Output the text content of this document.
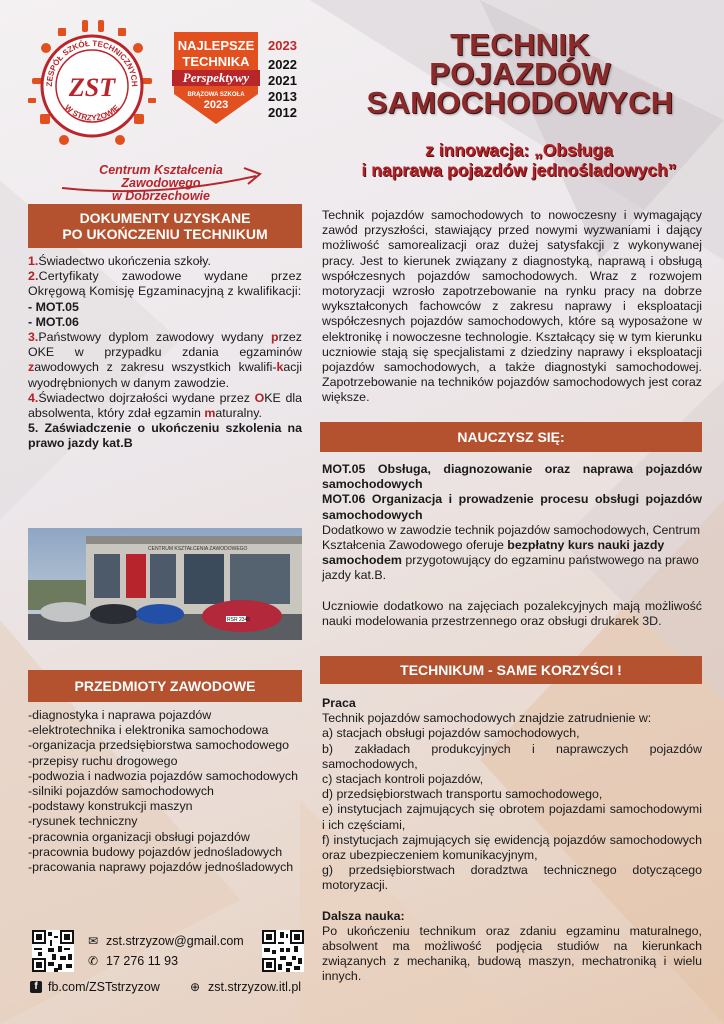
ZESPÓŁ SZKÓŁ TECHNICZNYCH
W STRZYŻOWIE
ZST
NAJLEPSZE
TECHNIKA
Perspektywy
BRĄZOWA SZKOŁA
2023
2023
2022
2021
2013
2012
Centrum Kształcenia Zawodowego
w Dobrzechowie
TECHNIK
POJAZDÓW
SAMOCHODOWYCH
z innowacja: „Obsługa
i naprawa pojazdów jednośladowych”
DOKUMENTY UZYSKANE
PO UKOŃCZENIU TECHNIKUM

1.Świadectwo ukończenia szkoły.

2.Certyfikaty zawodowe wydane przez Okręgową Komisję Egzaminacyjną z kwalifikacji:

- MOT.05

- MOT.06

3.Państwowy dyplom zawodowy wydany przez OKE w przypadku zdania egzaminów zawodowych z zakresu wszystkich kwalifi-kacji wyodrębnionych w danym zawodzie.

4.Świadectwo dojrzałości wydane przez OKE dla absolwenta, który zdał egzamin maturalny.

5. Zaświadczenie o ukończeniu szkolenia na prawo jazdy kat.B

CENTRUM KSZTAŁCENIA ZAWODOWEGO
RSR 2345
PRZEDMIOTY ZAWODOWE

-diagnostyka i naprawa pojazdów

-elektrotechnika i elektronika samochodowa

-organizacja przedsiębiorstwa samochodowego

-przepisy ruchu drogowego

-podwozia i nadwozia pojazdów samochodowych

-silniki pojazdów samochodowych

-podstawy konstrukcji maszyn

-rysunek techniczny

-pracownia organizacji obsługi pojazdów

-pracownia budowy pojazdów jednośladowych

-pracowania naprawy pojazdów jednośladowych

Technik pojazdów samochodowych to nowoczesny i wymagający zawód przyszłości, stawiający przed nowymi wyzwaniami i dający możliwość samorealizacji oraz dużej satysfakcji z wykonywanej pracy. Jest to kierunek związany z diagnostyką, naprawą i obsługą współczesnych pojazdów samochodowych. Wraz z rozwojem motoryzacji wzrosło zapotrzebowanie na rynku pracy na dobrze wykształconych fachowców z zakresu naprawy i eksploatacji współczesnych pojazdów samochodowych, które są wyposażone w elektronikę i nowoczesne technologie. Kształcący się w tym kierunku uczniowie stają się specjalistami z dziedziny naprawy i eksploatacji pojazdów samochodowych, a także diagnostyki samochodowej. Zapotrzebowanie na techników pojazdów samochodowych jest coraz większe.

NAUCZYSZ SIĘ:

MOT.05 Obsługa, diagnozowanie oraz naprawa pojazdów samochodowych

MOT.06 Organizacja i prowadzenie procesu obsługi pojazdów samochodowych

Dodatkowo w zawodzie technik pojazdów samochodowych, Centrum Kształcenia Zawodowego oferuje bezpłatny kurs nauki jazdy samochodem przygotowujący do egzaminu państwowego na prawo jazdy kat.B.

Uczniowie dodatkowo na zajęciach pozalekcyjnych mają możliwość nauki modelowania przestrzennego oraz obsługi drukarek 3D.

TECHNIKUM - SAME KORZYŚCI !

Praca

Technik pojazdów samochodowych znajdzie zatrudnienie w:

a) stacjach obsługi pojazdów samochodowych,

b) zakładach produkcyjnych i naprawczych pojazdów samochodowych,

c) stacjach kontroli pojazdów,

d) przedsiębiorstwach transportu samochodowego,

e) instytucjach zajmujących się obrotem pojazdami samochodowymi i ich częściami,

f) instytucjach zajmujących się ewidencją pojazdów samochodowych oraz ubezpieczeniem komunikacyjnym,

g) przedsiębiorstwach doradztwa technicznego dotyczącego motoryzacji.

Dalsza nauka:

Po ukończeniu technikum oraz zdaniu egzaminu maturalnego, absolwent ma możliwość podjęcia studiów na kierunkach związanych z mechaniką, budową maszyn, mechatroniką i wielu innych.

✉ zst.strzyzow@gmail.com
✆ 17 276 11 93
f fb.com/ZSTstrzyzow	⊕ zst.strzyzow.itl.pl
